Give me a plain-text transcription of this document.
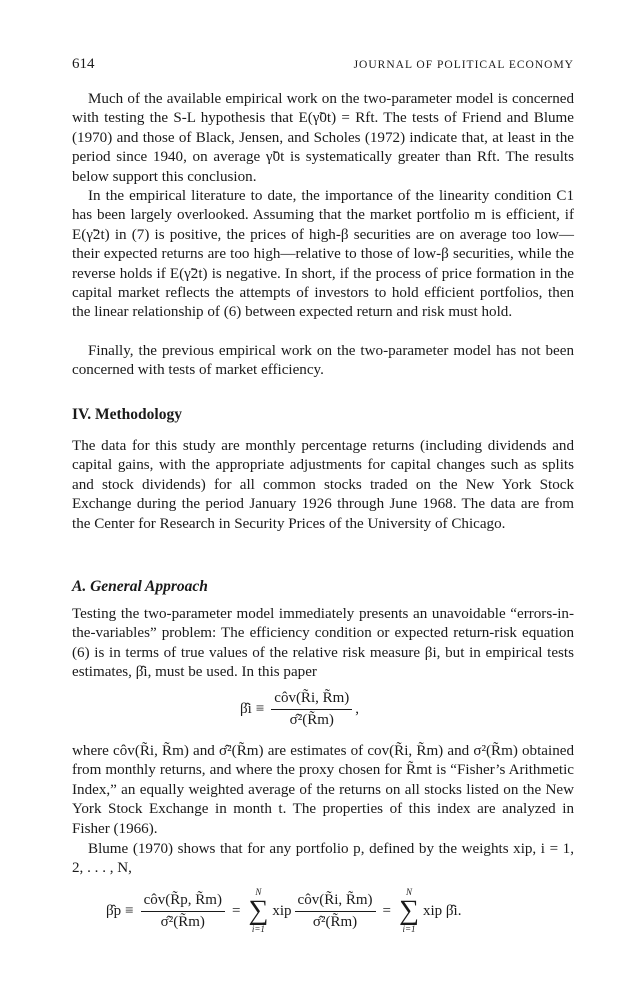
614	JOURNAL OF POLITICAL ECONOMY

Much of the available empirical work on the two-parameter model is concerned with testing the S-L hypothesis that E(γ̃0t) = Rft. The tests of Friend and Blume (1970) and those of Black, Jensen, and Scholes (1972) indicate that, at least in the period since 1940, on average γ̃0t is systematically greater than Rft. The results below support this conclusion.

In the empirical literature to date, the importance of the linearity condition C1 has been largely overlooked. Assuming that the market portfolio m is efficient, if E(γ̃2t) in (7) is positive, the prices of high-β securities are on average too low—their expected returns are too high—relative to those of low-β securities, while the reverse holds if E(γ̃2t) is negative. In short, if the process of price formation in the capital market reflects the attempts of investors to hold efficient portfolios, then the linear relationship of (6) between expected return and risk must hold.

Finally, the previous empirical work on the two-parameter model has not been concerned with tests of market efficiency.

IV. Methodology

The data for this study are monthly percentage returns (including dividends and capital gains, with the appropriate adjustments for capital changes such as splits and stock dividends) for all common stocks traded on the New York Stock Exchange during the period January 1926 through June 1968. The data are from the Center for Research in Security Prices of the University of Chicago.

A. General Approach

Testing the two-parameter model immediately presents an unavoidable “errors-in-the-variables” problem: The efficiency condition or expected return-risk equation (6) is in terms of true values of the relative risk measure βi, but in empirical tests estimates, β̂i, must be used. In this paper

β̂i ≡ $\frac{\text{côv(R̃i, R̃m)}}{\text{σ̂²(R̃m)}}$ ,

where côv(R̃i, R̃m) and σ̂²(R̃m) are estimates of cov(R̃i, R̃m) and σ²(R̃m) obtained from monthly returns, and where the proxy chosen for R̃mt is “Fisher’s Arithmetic Index,” an equally weighted average of the returns on all stocks listed on the New York Stock Exchange in month t. The properties of this index are analyzed in Fisher (1966).

Blume (1970) shows that for any portfolio p, defined by the weights xip, i = 1, 2, . . . , N,

β̂p ≡ $\frac{\text{côv(R̃p, R̃m)}}{\text{σ̂²(R̃m)}}$ =
N
∑
i=1
xip $\frac{\text{côv(R̃i, R̃m)}}{\text{σ̂²(R̃m)}}$ =
N
∑
i=1
xip β̂i .
